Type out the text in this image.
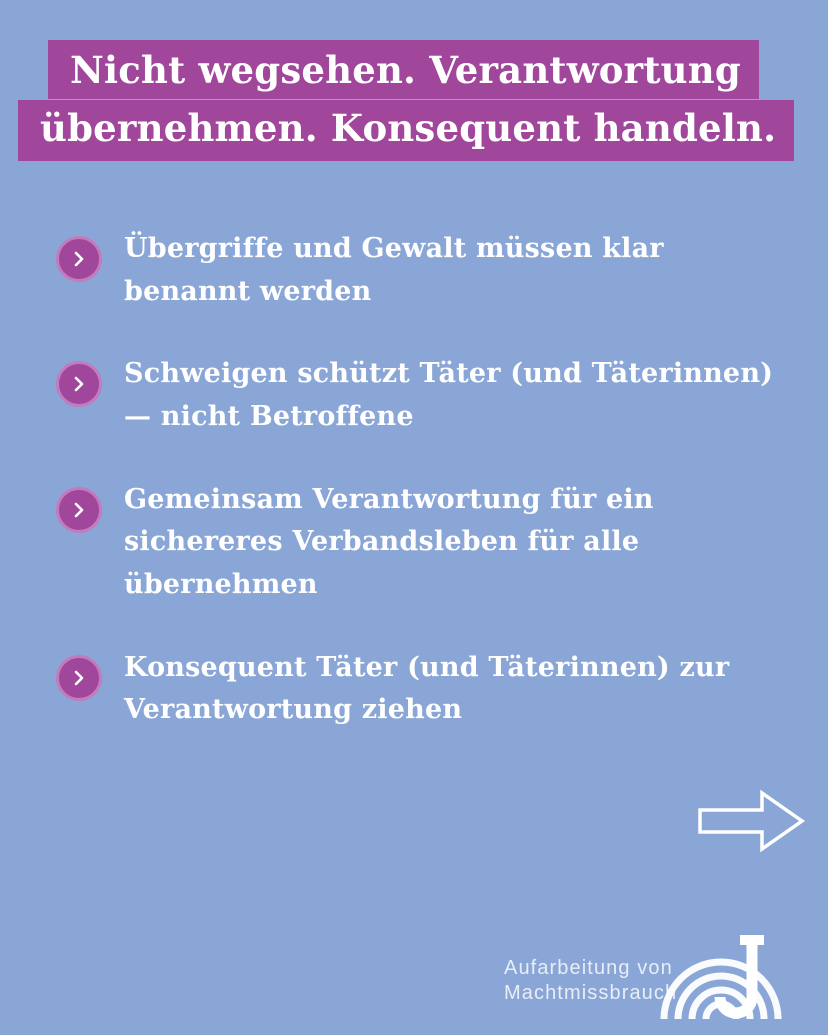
Nicht wegsehen. Verantwortung
übernehmen. Konsequent handeln.
Übergriffe und Gewalt müssen klar benannt werden
Schweigen schützt Täter (und Täterinnen) — nicht Betroffene
Gemeinsam Verantwortung für ein sichereres Verbandsleben für alle übernehmen
Konsequent Täter (und Täterinnen) zur Verantwortung ziehen
Aufarbeitung von
Machtmissbrauch
